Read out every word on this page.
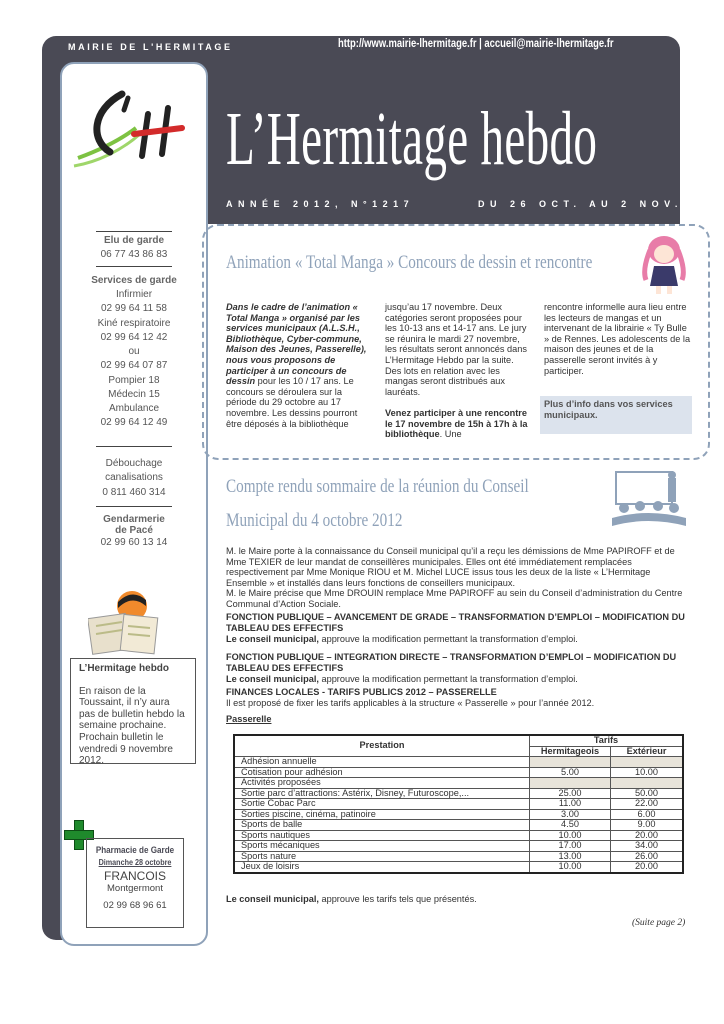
MAIRIE DE L'HERMITAGE	http://www.mairie-lhermitage.fr | accueil@mairie-lhermitage.fr
L’Hermitage hebdo
ANNÉE 2012, N°1217	DU 26 OCT. AU 2 NOV.
Elu de garde
06 77 43 86 83
Services de garde
Infirmier
02 99 64 11 58
Kiné respiratoire
02 99 64 12 42
ou
02 99 64 07 87
Pompier 18
Médecin 15
Ambulance
02 99 64 12 49
Débouchage
canalisations
0 811 460 314
Gendarmerie
de Pacé
02 99 60 13 14
L’Hermitage hebdo
En raison de la Toussaint, il n’y aura pas de bulletin hebdo la semaine prochaine. Prochain bulletin le vendredi 9 novembre 2012.
Pharmacie de Garde
Dimanche 28 octobre
FRANCOIS
Montgermont
02 99 68 96 61
Animation « Total Manga » Concours de dessin et rencontre
Dans le cadre de l’animation « Total Manga » organisé par les services municipaux (A.L.S.H., Bibliothèque, Cyber-commune, Maison des Jeunes, Passerelle), nous vous proposons de participer à un concours de dessin pour les 10 / 17 ans. Le concours se déroulera sur la période du 29 octobre au 17 novembre. Les dessins pourront être déposés à la bibliothèque
jusqu’au 17 novembre. Deux catégories seront proposées pour les 10-13 ans et 14-17 ans. Le jury se réunira le mardi 27 novembre, les résultats seront annoncés dans L’Hermitage Hebdo par la suite. Des lots en relation avec les mangas seront distribués aux lauréats.

Venez participer à une rencontre le 17 novembre de 15h à 17h à la bibliothèque. Une
rencontre informelle aura lieu entre les lecteurs de mangas et un intervenant de la librairie « Ty Bulle » de Rennes. Les adolescents de la maison des jeunes et de la passerelle seront invités à y participer.
Plus d’info dans vos services municipaux.
Compte rendu sommaire de la réunion du Conseil
Municipal du 4 octobre 2012
M. le Maire porte à la connaissance du Conseil municipal qu’il a reçu les démissions de Mme PAPIROFF et de Mme TEXIER de leur mandat de conseillères municipales. Elles ont été immédiatement remplacées respectivement par Mme Monique RIOU et M. Michel LUCE issus tous les deux de la liste « L’Hermitage Ensemble » et installés dans leurs fonctions de conseillers municipaux.
M. le Maire précise que Mme DROUIN remplace Mme PAPIROFF au sein du Conseil d’administration du Centre Communal d’Action Sociale.
FONCTION PUBLIQUE – AVANCEMENT DE GRADE – TRANSFORMATION D’EMPLOI – MODIFICATION DU TABLEAU DES EFFECTIFS
Le conseil municipal, approuve la modification permettant la transformation d’emploi.
FONCTION PUBLIQUE – INTEGRATION DIRECTE – TRANSFORMATION D’EMPLOI – MODIFICATION DU TABLEAU DES EFFECTIFS
Le conseil municipal, approuve la modification permettant la transformation d’emploi.
FINANCES LOCALES - TARIFS PUBLICS 2012 – PASSERELLE
Il est proposé de fixer les tarifs applicables à la structure « Passerelle » pour l’année 2012.
Passerelle
Prestation	Tarifs	
	Hermitageois	Extérieur
Adhésion annuelle		
Cotisation pour adhésion	5.00	10.00
Activités proposées		
Sortie parc d’attractions: Astérix, Disney, Futuroscope,...	25.00	50.00
Sortie Cobac Parc	11.00	22.00
Sorties piscine, cinéma, patinoire	3.00	6.00
Sports de balle	4.50	9.00
Sports nautiques	10.00	20.00
Sports mécaniques	17.00	34.00
Sports nature	13.00	26.00
Jeux de loisirs	10.00	20.00
Le conseil municipal, approuve les tarifs tels que présentés.
(Suite page 2)
